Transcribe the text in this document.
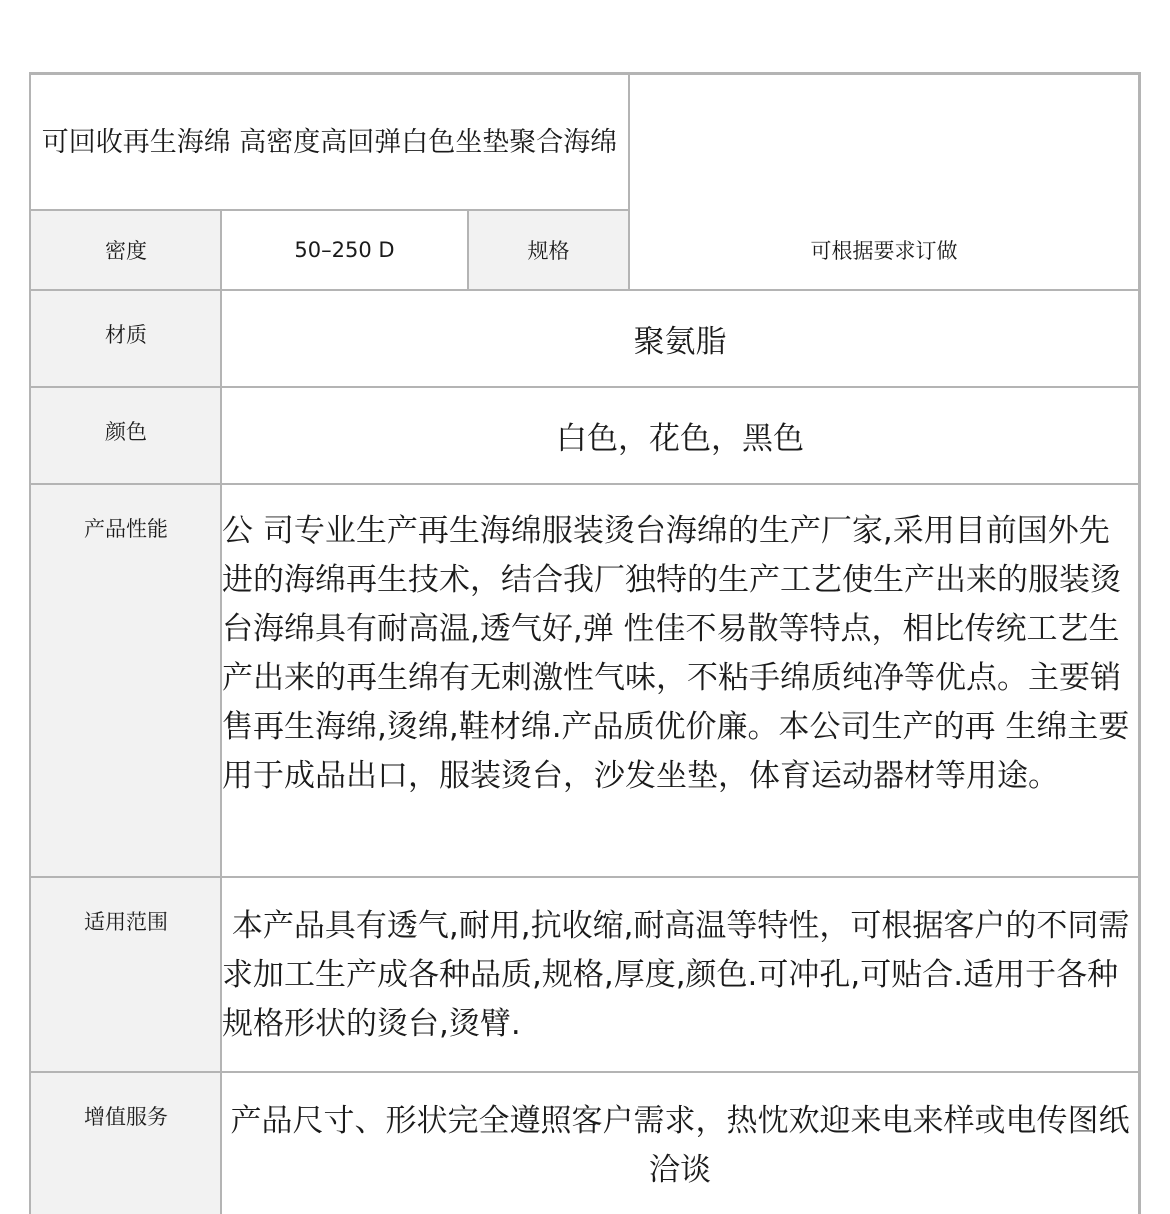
可回收再生海绵 高密度高回弹白色坐垫聚合海绵
密度	50–250 D	规格	可根据要求订做
材质	聚氨脂
颜色	白色，花色，黑色
产品性能	公 司专业生产再生海绵服装烫台海绵的生产厂家,采用目前国外先进的海绵再生技术，结合我厂独特的生产工艺使生产出来的服装烫台海绵具有耐高温,透气好,弹 性佳不易散等特点，相比传统工艺生产出来的再生绵有无刺激性气味，不粘手绵质纯净等优点。主要销售再生海绵,烫绵,鞋材绵.产品质优价廉。本公司生产的再 生绵主要用于成品出口，服装烫台，沙发坐垫，体育运动器材等用途。
适用范围	本产品具有透气,耐用,抗收缩,耐高温等特性，可根据客户的不同需求加工生产成各种品质,规格,厚度,颜色.可冲孔,可贴合.适用于各种规格形状的烫台,烫臂.
增值服务	产品尺寸、形状完全遵照客户需求，热忱欢迎来电来样或电传图纸洽谈
